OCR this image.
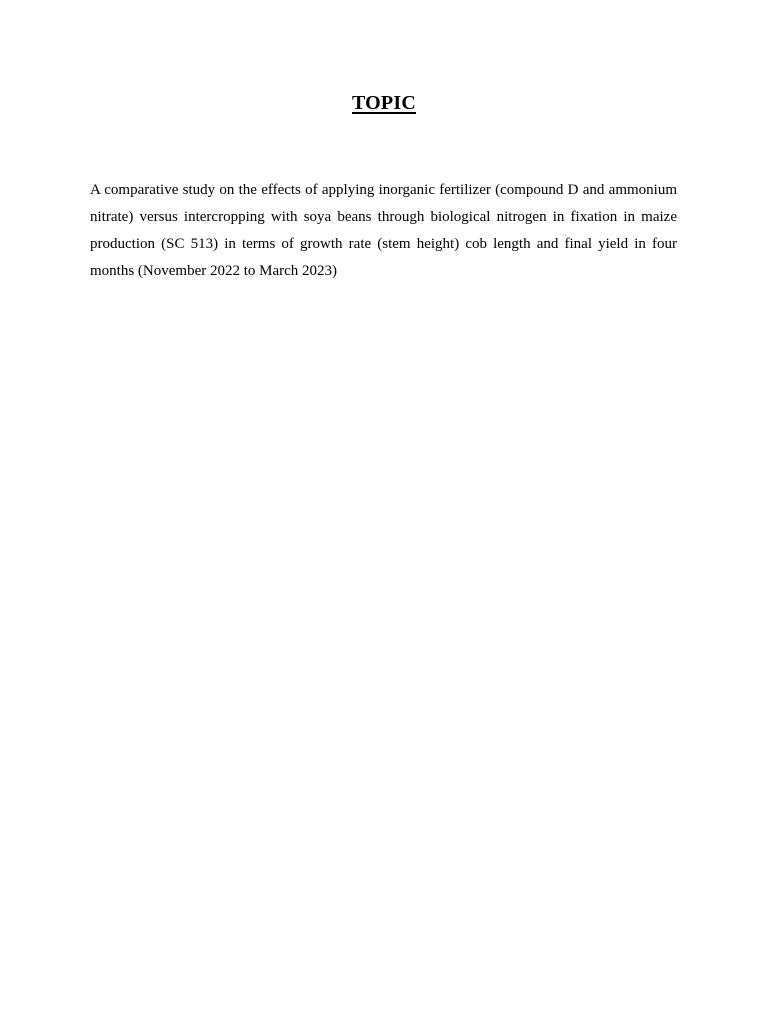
TOPIC

A comparative study on the effects of applying inorganic fertilizer (compound D and ammonium nitrate) versus intercropping with soya beans through biological nitrogen in fixation in maize production (SC 513) in terms of growth rate (stem height) cob length and final yield in four months (November 2022 to March 2023)
